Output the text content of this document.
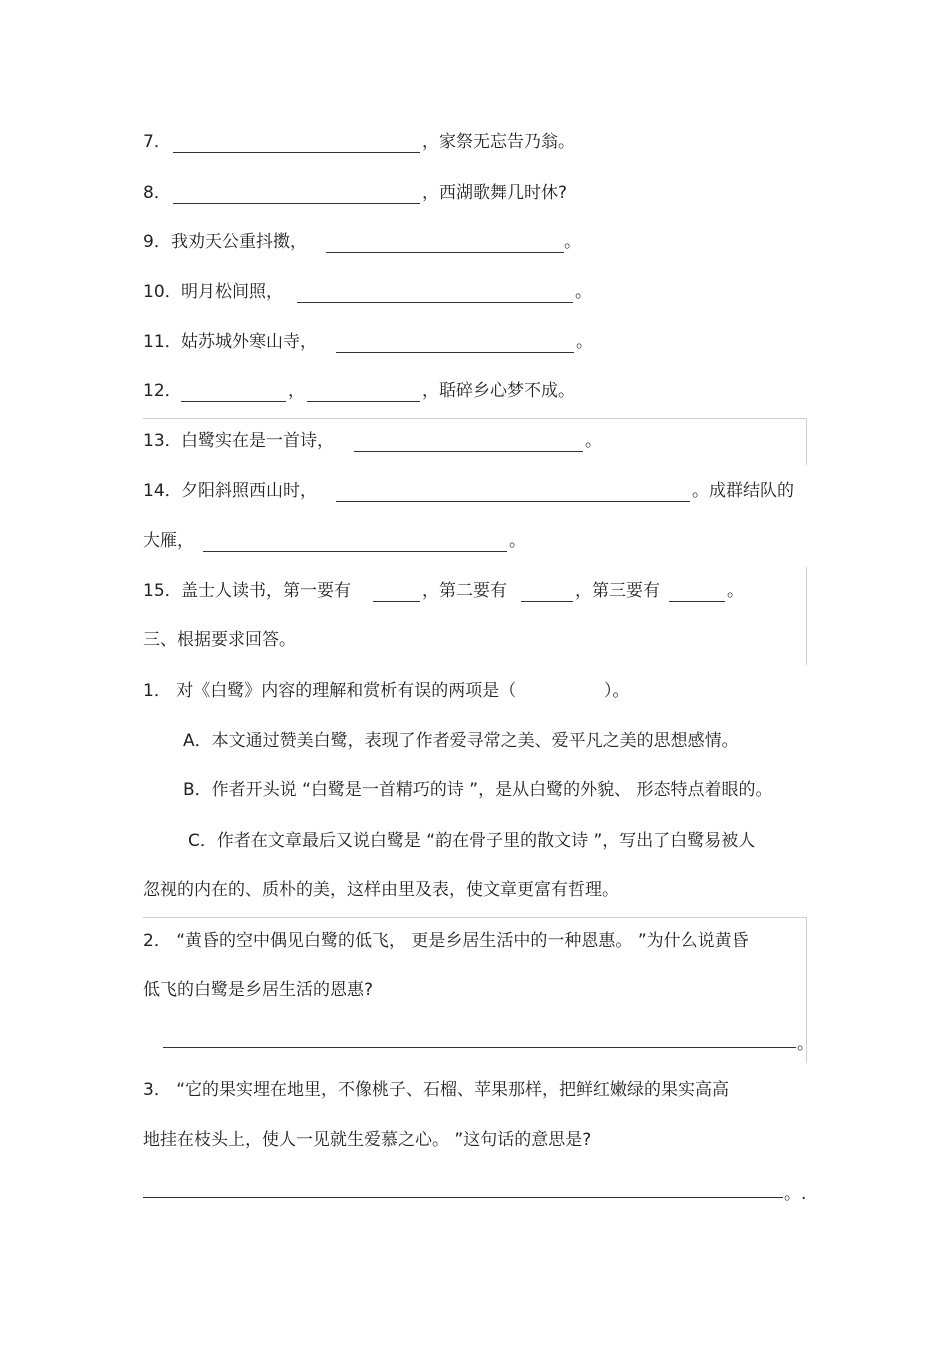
7．	，家祭无忘告乃翁。
8．	，西湖歌舞几时休?
9． 我劝天公重抖擞，	。
10． 明月松间照，	。
11． 姑苏城外寒山寺，	。
12．	，	，聒碎乡心梦不成。
13． 白鹭实在是一首诗，	。
14． 夕阳斜照西山时，	。成群结队的
大雁，	。
15． 盖士人读书，第一要有	，第二要有	，第三要有	。
三、根据要求回答。
1． 对《白鹭》内容的理解和赏析有误的两项是（	）。
A．本文通过赞美白鹭，表现了作者爱寻常之美、爱平凡之美的思想感情。
B．作者开头说 “白鹭是一首精巧的诗 ”，是从白鹭的外貌、 形态特点着眼的。
C．作者在文章最后又说白鹭是 “韵在骨子里的散文诗 ”，写出了白鹭易被人
忽视的内在的、质朴的美，这样由里及表，使文章更富有哲理。
2． “黄昏的空中偶见白鹭的低飞， 更是乡居生活中的一种恩惠。 ”为什么说黄昏
低飞的白鹭是乡居生活的恩惠?
。
3． “它的果实埋在地里，不像桃子、石榴、苹果那样，把鲜红嫩绿的果实高高
地挂在枝头上，使人一见就生爱慕之心。 ”这句话的意思是?
。.
